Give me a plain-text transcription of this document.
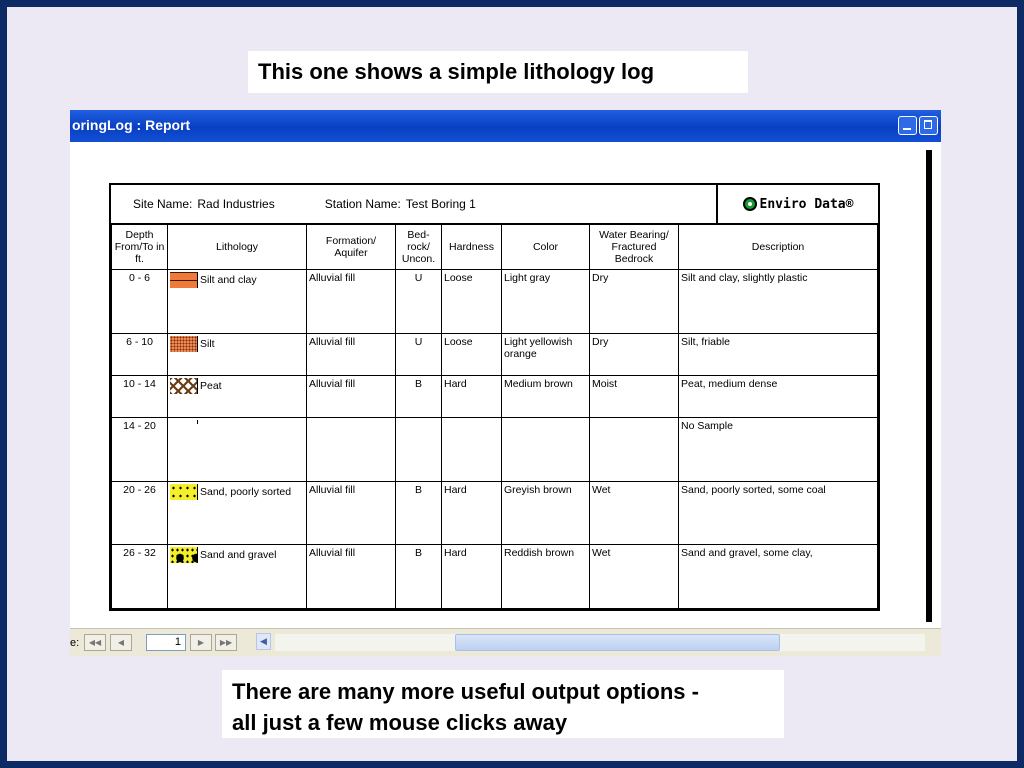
This one shows a simple lithology log
oringLog : Report
Site Name: Rad Industries	Station Name: Test Boring 1	Enviro Data®
Depth From/To in ft.	Lithology	Formation/ Aquifer	Bed- rock/ Uncon.	Hardness	Color	Water Bearing/ Fractured Bedrock	Description
0 - 6	Silt and clay	Alluvial fill	U	Loose	Light gray	Dry	Silt and clay, slightly plastic
6 - 10	Silt	Alluvial fill	U	Loose	Light yellowish orange	Dry	Silt, friable
10 - 14	Peat	Alluvial fill	B	Hard	Medium brown	Moist	Peat, medium dense
14 - 20							No Sample
20 - 26	Sand, poorly sorted	Alluvial fill	B	Hard	Greyish brown	Wet	Sand, poorly sorted, some coal
26 - 32	Sand and gravel	Alluvial fill	B	Hard	Reddish brown	Wet	Sand and gravel, some clay,
e:	◀◀	◀	1	▶	▶▶	◀
There are many more useful output options -
all just a few mouse clicks away
